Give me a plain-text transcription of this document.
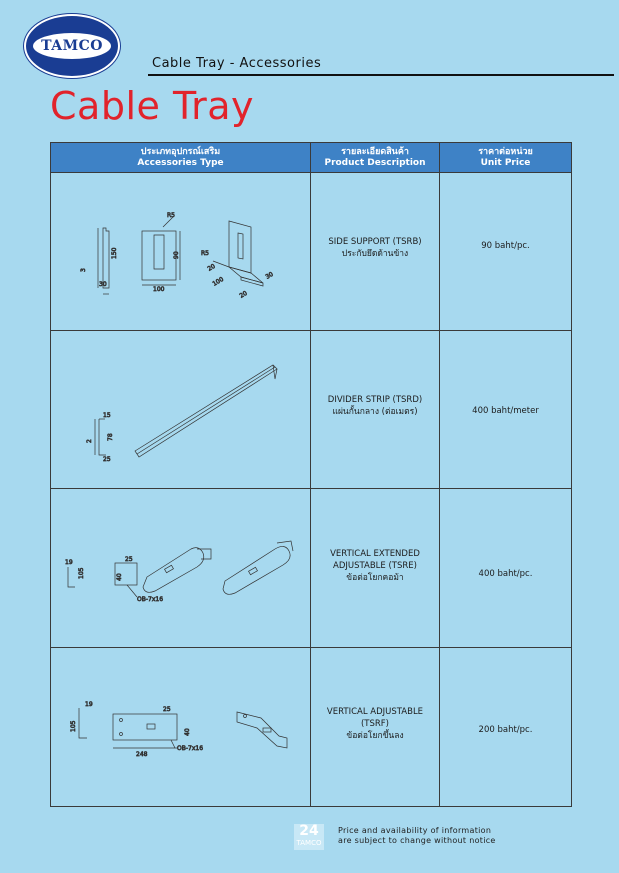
TAMCO
Cable Tray - Accessories
Cable Tray
ประเภทอุปกรณ์เสริม
Accessories Type
รายละเอียดสินค้า
Product Description
ราคาต่อหน่วย
Unit Price
150
3
30
R5
90
100
R5
20
100
20
30
SIDE SUPPORT (TSRB)
ประกับยึดด้านข้าง
90 baht/pc.
15
2
78
25
DIVIDER STRIP (TSRD)
แผ่นกั้นกลาง (ต่อเมตร)	400 baht/meter
19
105
25
40
OB-7x16
VERTICAL EXTENDED
ADJUSTABLE (TSRE)
ข้อต่อโยกคอม้า	400 baht/pc.
19
105
25
40
248
OB-7x16
VERTICAL ADJUSTABLE
(TSRF)
ข้อต่อโยกขึ้นลง
200 baht/pc.
24
TAMCO
Price and availability of information
are subject to change without notice
